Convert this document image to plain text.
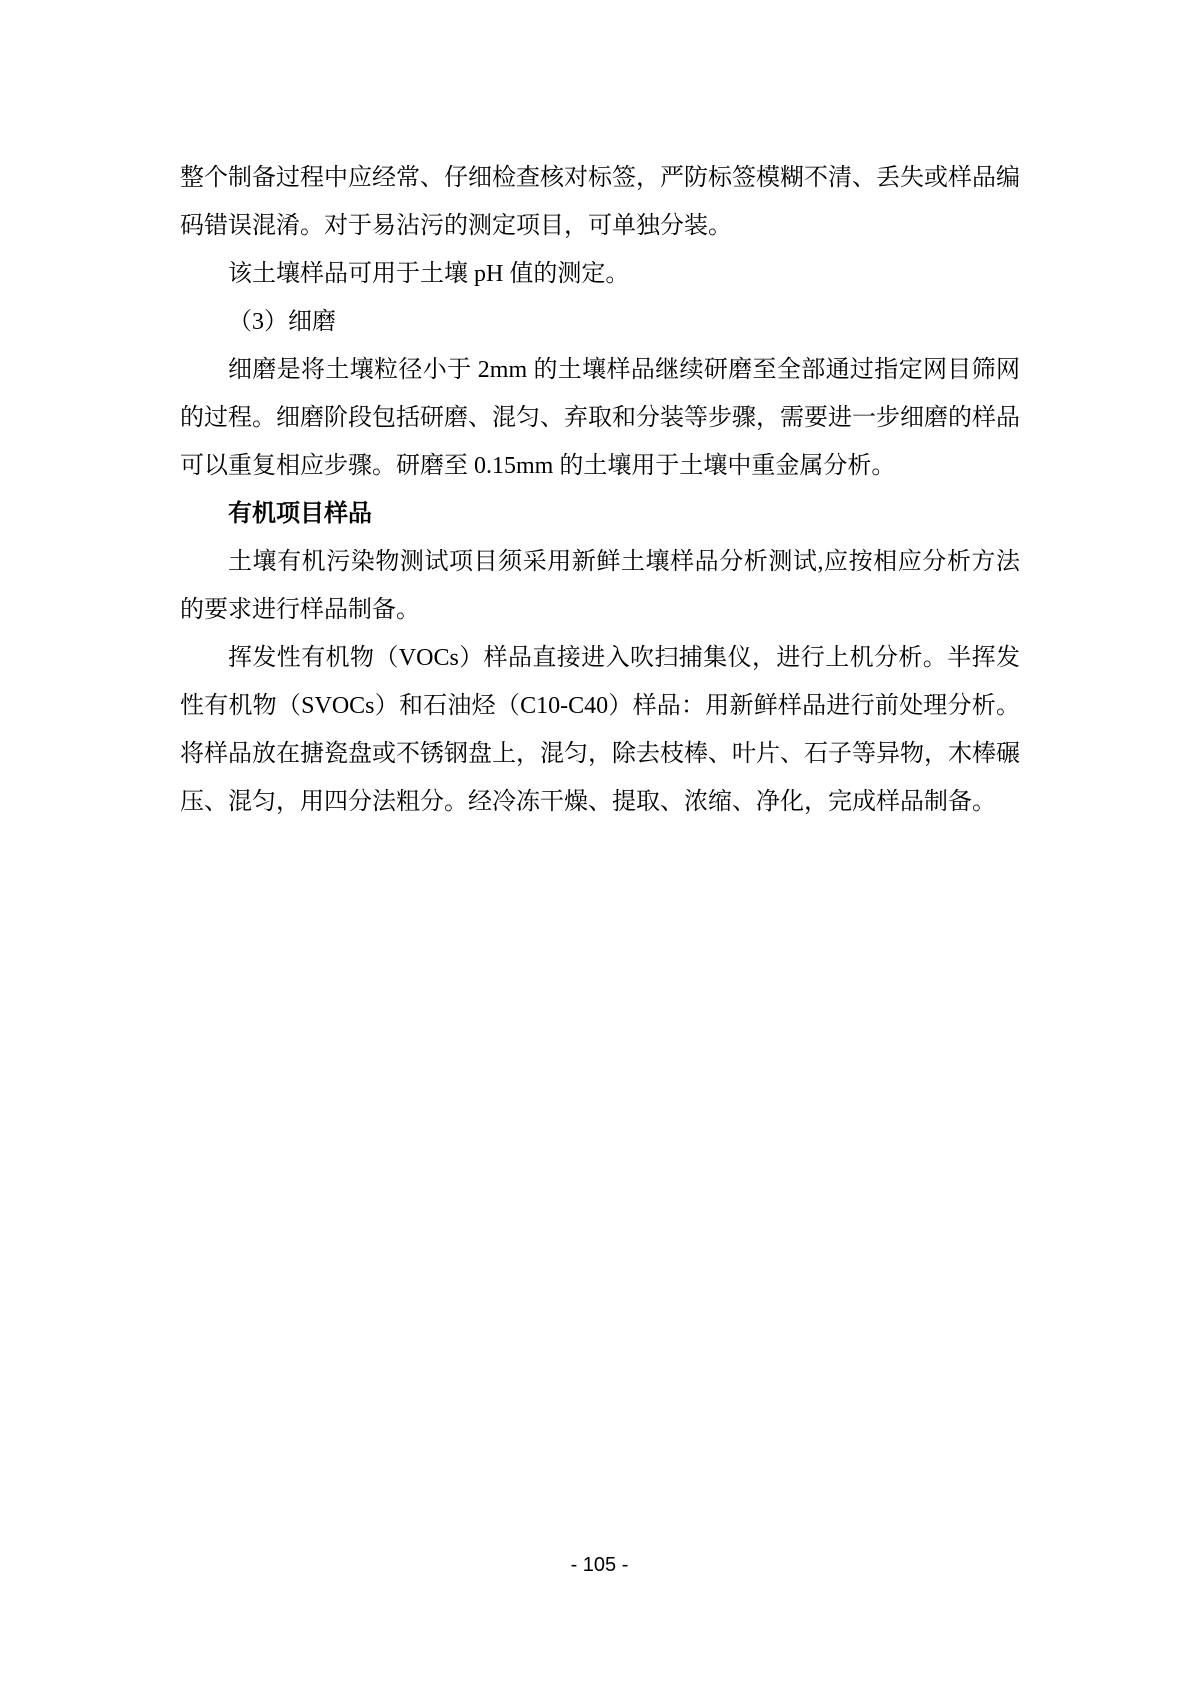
整个制备过程中应经常、仔细检查核对标签，严防标签模糊不清、丢失或样品编码错误混淆。对于易沾污的测定项目，可单独分装。

该土壤样品可用于土壤 pH 值的测定。

（3）细磨

细磨是将土壤粒径小于 2mm 的土壤样品继续研磨至全部通过指定网目筛网的过程。细磨阶段包括研磨、混匀、弃取和分装等步骤，需要进一步细磨的样品可以重复相应步骤。研磨至 0.15mm 的土壤用于土壤中重金属分析。

有机项目样品

土壤有机污染物测试项目须采用新鲜土壤样品分析测试,应按相应分析方法的要求进行样品制备。

挥发性有机物（VOCs）样品直接进入吹扫捕集仪，进行上机分析。半挥发性有机物（SVOCs）和石油烃（C10-C40）样品：用新鲜样品进行前处理分析。将样品放在搪瓷盘或不锈钢盘上，混匀，除去枝棒、叶片、石子等异物，木棒碾压、混匀，用四分法粗分。经冷冻干燥、提取、浓缩、净化，完成样品制备。

- 105 -
